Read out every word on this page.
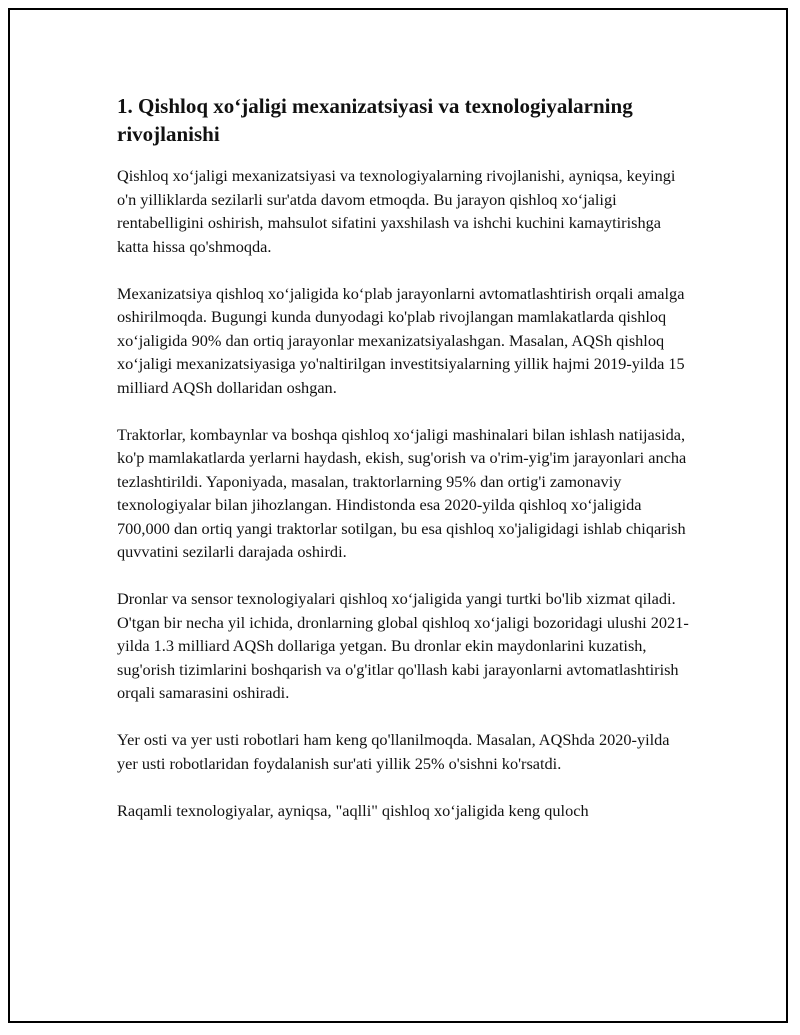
1. Qishloq xo‘jaligi mexanizatsiyasi va texnologiyalarning rivojlanishi

Qishloq xo‘jaligi mexanizatsiyasi va texnologiyalarning rivojlanishi, ayniqsa, keyingi o'n yilliklarda sezilarli sur'atda davom etmoqda. Bu jarayon qishloq xo‘jaligi rentabelligini oshirish, mahsulot sifatini yaxshilash va ishchi kuchini kamaytirishga katta hissa qo'shmoqda.

Mexanizatsiya qishloq xo‘jaligida ko‘plab jarayonlarni avtomatlashtirish orqali amalga oshirilmoqda. Bugungi kunda dunyodagi ko'plab rivojlangan mamlakatlarda qishloq xo‘jaligida 90% dan ortiq jarayonlar mexanizatsiyalashgan. Masalan, AQSh qishloq xo‘jaligi mexanizatsiyasiga yo'naltirilgan investitsiyalarning yillik hajmi 2019-yilda 15 milliard AQSh dollaridan oshgan.

Traktorlar, kombaynlar va boshqa qishloq xo‘jaligi mashinalari bilan ishlash natijasida, ko'p mamlakatlarda yerlarni haydash, ekish, sug'orish va o'rim-yig'im jarayonlari ancha tezlashtirildi. Yaponiyada, masalan, traktorlarning 95% dan ortig'i zamonaviy texnologiyalar bilan jihozlangan. Hindistonda esa 2020-yilda qishloq xo‘jaligida 700,000 dan ortiq yangi traktorlar sotilgan, bu esa qishloq xo'jaligidagi ishlab chiqarish quvvatini sezilarli darajada oshirdi.

Dronlar va sensor texnologiyalari qishloq xo‘jaligida yangi turtki bo'lib xizmat qiladi. O'tgan bir necha yil ichida, dronlarning global qishloq xo‘jaligi bozoridagi ulushi 2021-yilda 1.3 milliard AQSh dollariga yetgan. Bu dronlar ekin maydonlarini kuzatish, sug'orish tizimlarini boshqarish va o'g'itlar qo'llash kabi jarayonlarni avtomatlashtirish orqali samarasini oshiradi.

Yer osti va yer usti robotlari ham keng qo'llanilmoqda. Masalan, AQShda 2020-yilda yer usti robotlaridan foydalanish sur'ati yillik 25% o'sishni ko'rsatdi.

Raqamli texnologiyalar, ayniqsa, "aqlli" qishloq xo‘jaligida keng quloch
